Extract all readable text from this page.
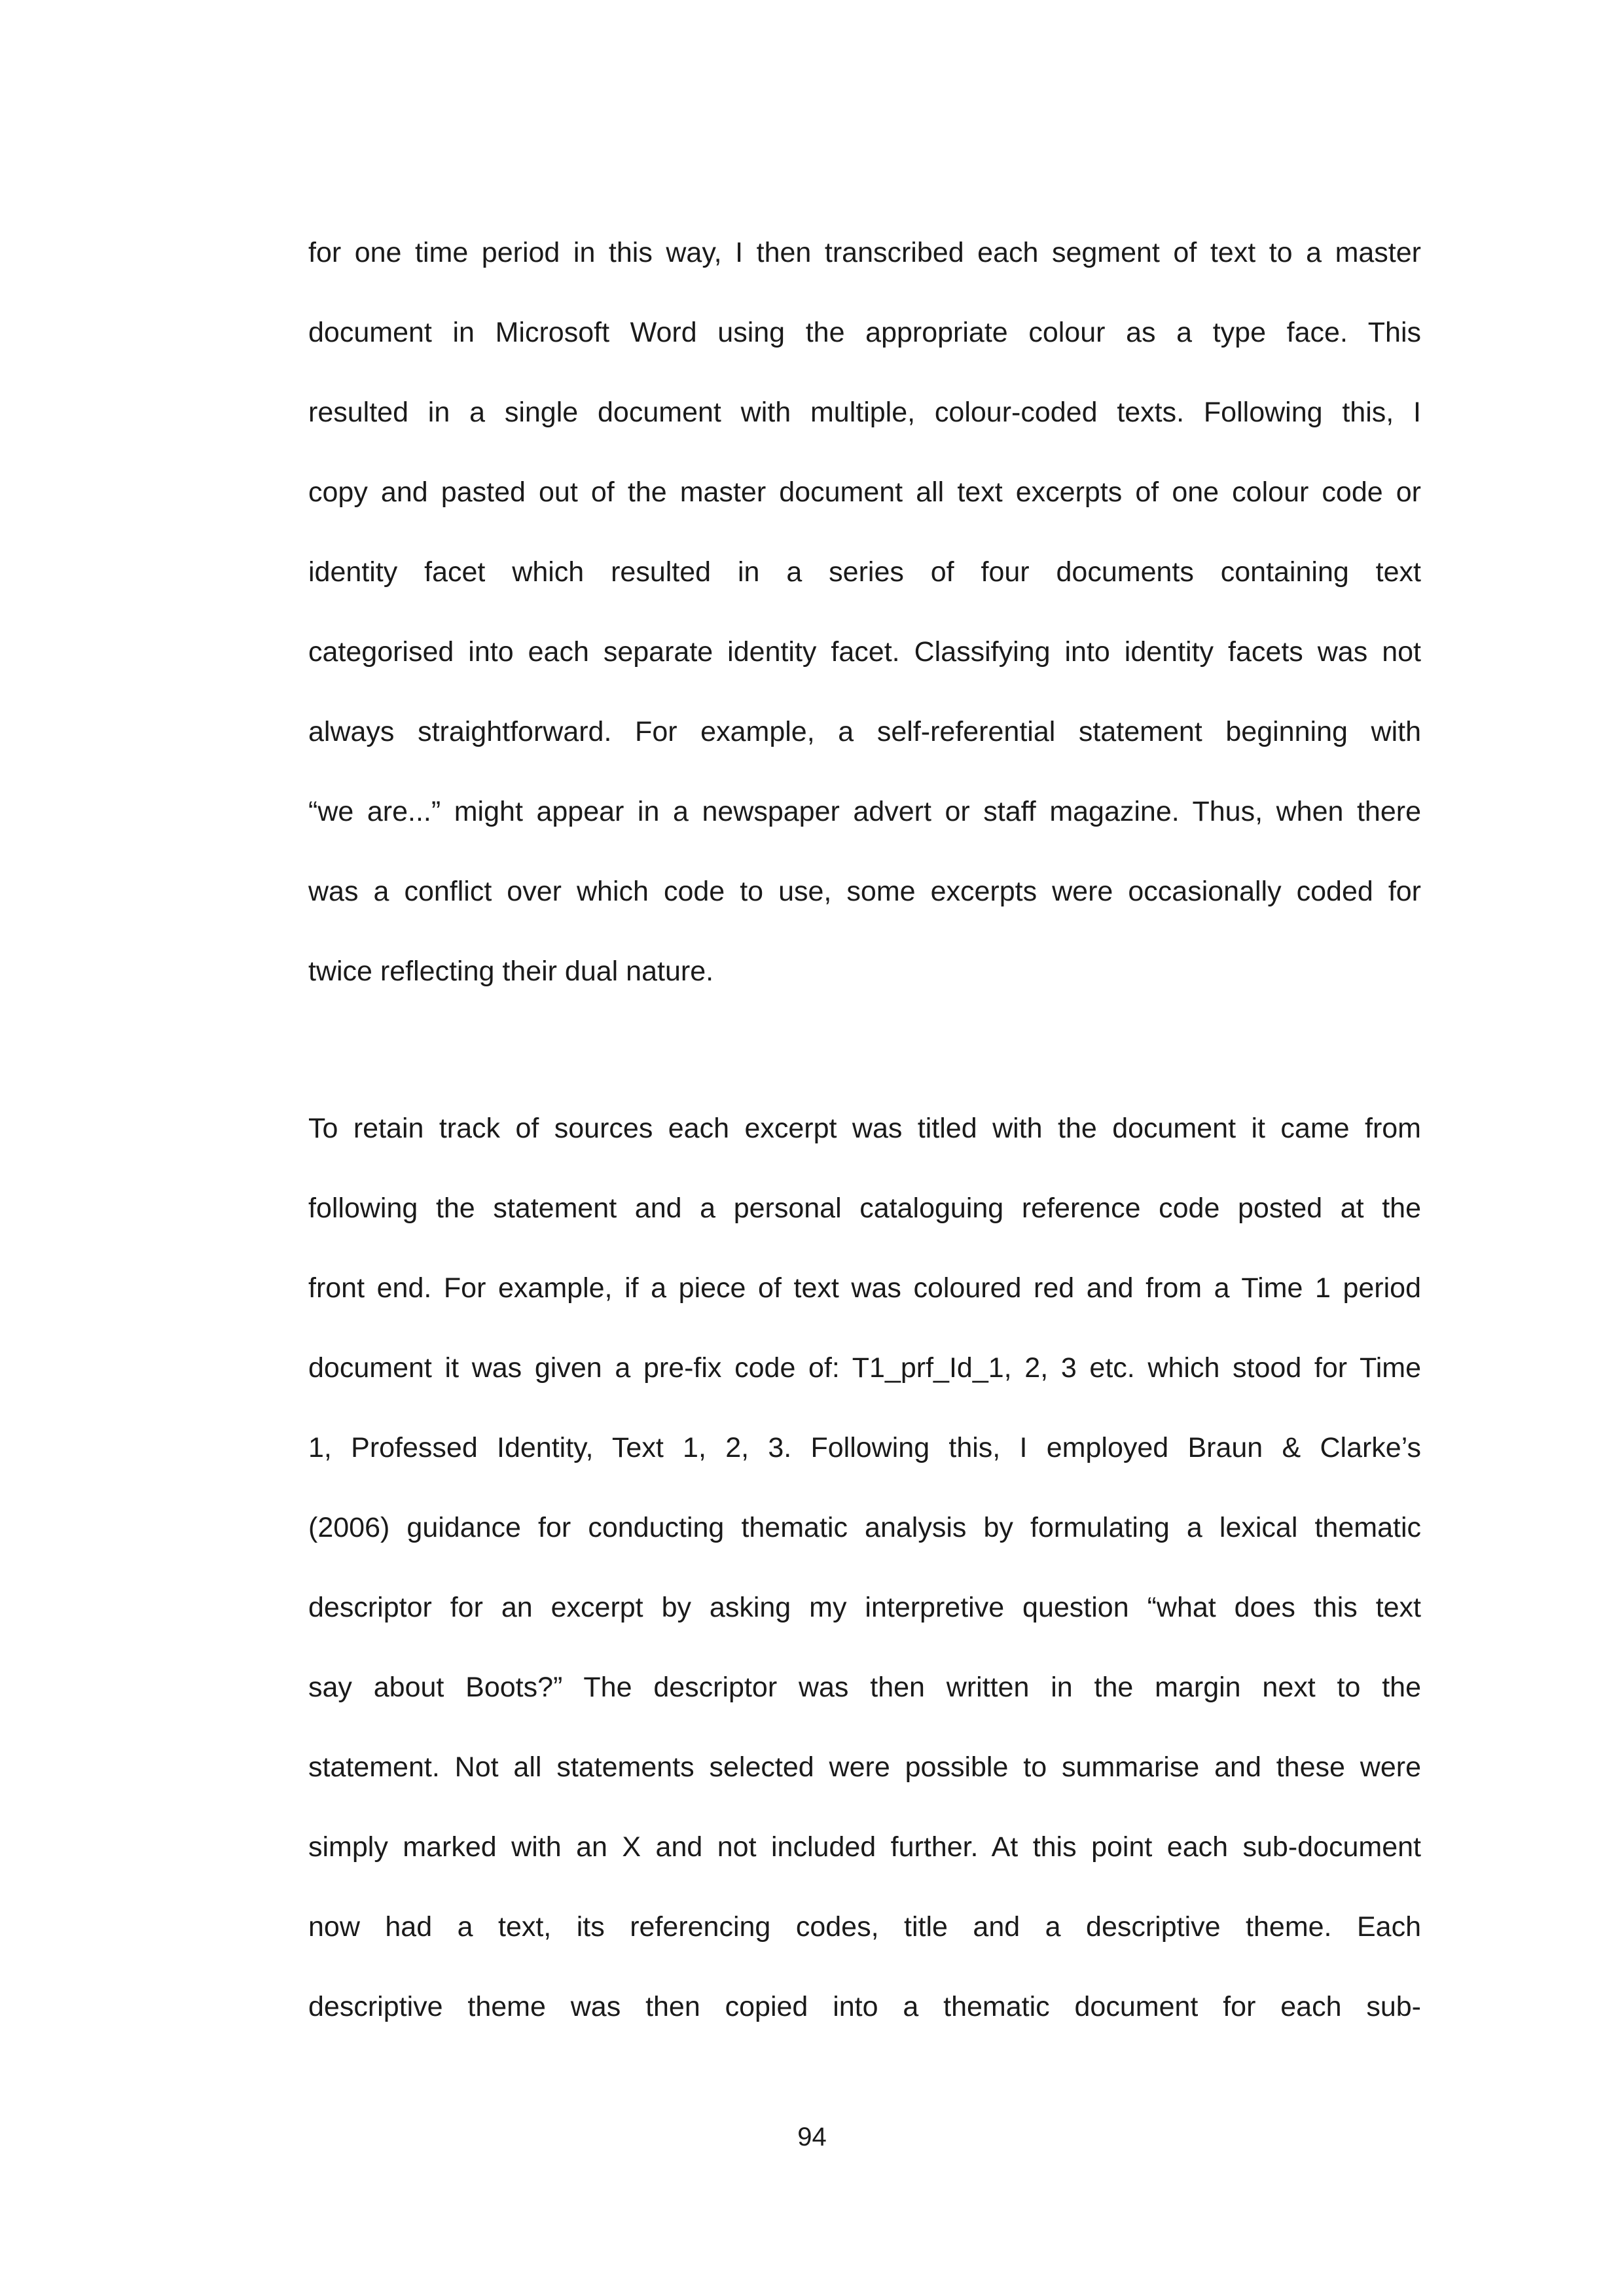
for one time period in this way, I then transcribed each segment of text to a master
document in Microsoft Word using the appropriate colour as a type face. This
resulted in a single document with multiple, colour-coded texts. Following this, I
copy and pasted out of the master document all text excerpts of one colour code or
identity facet which resulted in a series of four documents containing text
categorised into each separate identity facet. Classifying into identity facets was not
always straightforward. For example, a self-referential statement beginning with
“we are...” might appear in a newspaper advert or staff magazine. Thus, when there
was a conflict over which code to use, some excerpts were occasionally coded for
twice reflecting their dual nature.
To retain track of sources each excerpt was titled with the document it came from
following the statement and a personal cataloguing reference code posted at the
front end. For example, if a piece of text was coloured red and from a Time 1 period
document it was given a pre-fix code of: T1_prf_Id_1, 2, 3 etc. which stood for Time
1, Professed Identity, Text 1, 2, 3. Following this, I employed Braun & Clarke’s
(2006) guidance for conducting thematic analysis by formulating a lexical thematic
descriptor for an excerpt by asking my interpretive question “what does this text
say about Boots?” The descriptor was then written in the margin next to the
statement. Not all statements selected were possible to summarise and these were
simply marked with an X and not included further. At this point each sub-document
now had a text, its referencing codes, title and a descriptive theme. Each
descriptive theme was then copied into a thematic document for each sub-
94
